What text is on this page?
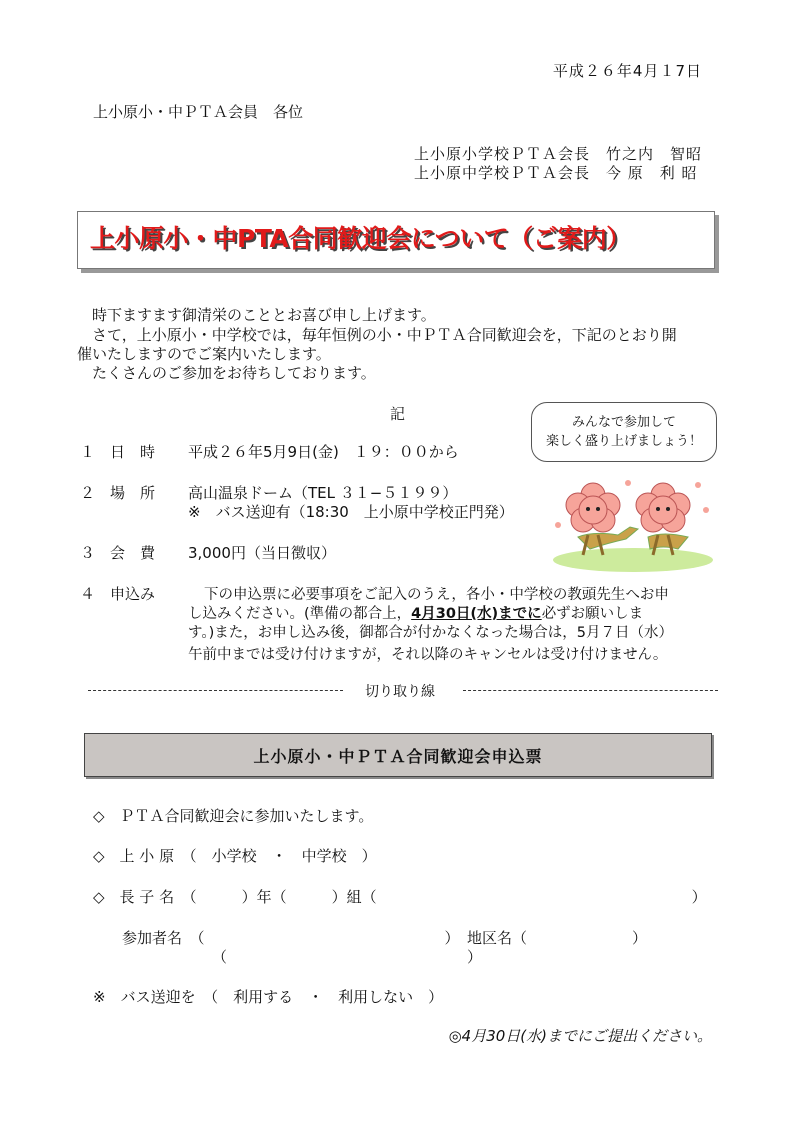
平成２６年4月１7日
上小原小・中ＰＴＡ会員　各位
上小原小学校ＰＴＡ会長　竹之内　智昭
上小原中学校ＰＴＡ会長　今 原　利 昭
上小原小・中PTA合同歓迎会について（ご案内）
時下ますます御清栄のこととお喜び申し上げます。
さて，上小原小・中学校では，毎年恒例の小・中ＰＴＡ合同歓迎会を，下記のとおり開
催いたしますのでご案内いたします。
たくさんのご参加をお待ちしております。
記	みんなで参加して
楽しく盛り上げましょう！
１ 日　時 平成２６年5月9日(金)　１９：００から
２ 場　所 高山温泉ドーム（TEL ３１−５１９９）
※　バス送迎有（18:30　上小原中学校正門発）
３ 会　費 3,000円（当日徴収）
４ 申込み	下の申込票に必要事項をご記入のうえ，各小・中学校の教頭先生へお申
し込みください。(準備の都合上，4月30日(水)までに必ずお願いしま
す。)また，お申し込み後，御都合が付かなくなった場合は，5月７日（水）
午前中までは受け付けますが，それ以降のキャンセルは受け付けません。
切り取り線
上小原小・中ＰＴＡ合同歓迎会申込票
◇　ＰＴＡ合同歓迎会に参加いたします。
◇　上 小 原　（　小学校　・　中学校　）
◇　長 子 名　（　　　）年（　　　）組（　　　　　　　　　　　　　　　　　　　　　）
参加者名　（　　　　　　　　　　　　　　　　）　地区名（　　　　　　　）
（　　　　　　　　　　　　　　　　）
※　バス送迎を　（　利用する　・　利用しない　）
◎4月30日(水)までにご提出ください。
